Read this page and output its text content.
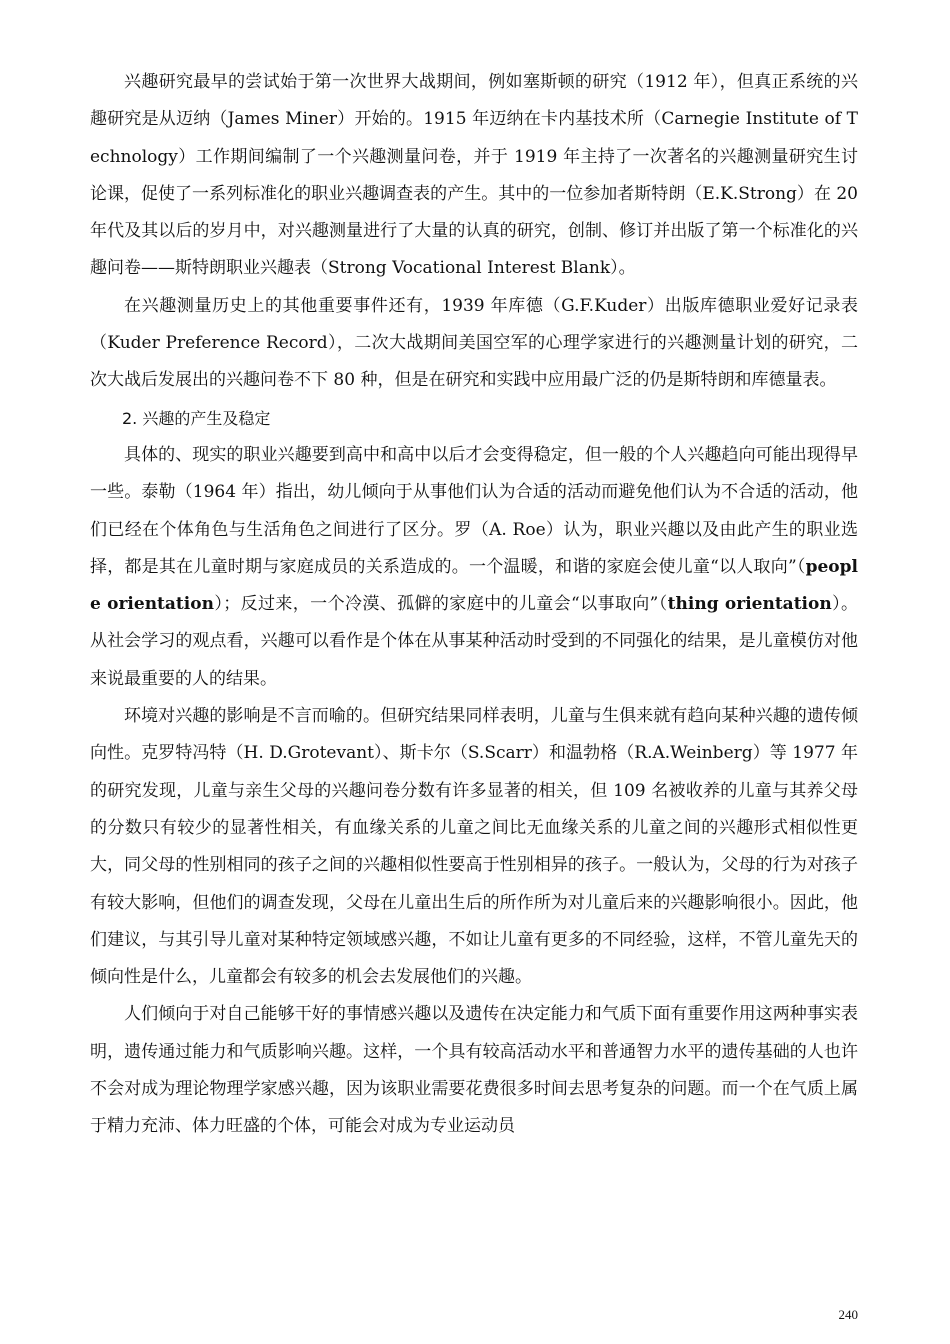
兴趣研究最早的尝试始于第一次世界大战期间，例如塞斯顿的研究（1912 年），但真正系统的兴趣研究是从迈纳（James Miner）开始的。1915 年迈纳在卡内基技术所（Carnegie Institute of Technology）工作期间编制了一个兴趣测量问卷，并于 1919 年主持了一次著名的兴趣测量研究生讨论课，促使了一系列标准化的职业兴趣调查表的产生。其中的一位参加者斯特朗（E.K.Strong）在 20 年代及其以后的岁月中，对兴趣测量进行了大量的认真的研究，创制、修订并出版了第一个标准化的兴趣问卷——斯特朗职业兴趣表（Strong Vocational Interest Blank）。

在兴趣测量历史上的其他重要事件还有，1939 年库德（G.F.Kuder）出版库德职业爱好记录表（Kuder Preference Record），二次大战期间美国空军的心理学家进行的兴趣测量计划的研究，二次大战后发展出的兴趣问卷不下 80 种，但是在研究和实践中应用最广泛的仍是斯特朗和库德量表。

2. 兴趣的产生及稳定

具体的、现实的职业兴趣要到高中和高中以后才会变得稳定，但一般的个人兴趣趋向可能出现得早一些。泰勒（1964 年）指出，幼儿倾向于从事他们认为合适的活动而避免他们认为不合适的活动，他们已经在个体角色与生活角色之间进行了区分。罗（A. Roe）认为，职业兴趣以及由此产生的职业选择，都是其在儿童时期与家庭成员的关系造成的。一个温暖，和谐的家庭会使儿童“以人取向”（people orientation）；反过来，一个冷漠、孤僻的家庭中的儿童会“以事取向”（thing orientation）。从社会学习的观点看，兴趣可以看作是个体在从事某种活动时受到的不同强化的结果，是儿童模仿对他来说最重要的人的结果。

环境对兴趣的影响是不言而喻的。但研究结果同样表明，儿童与生俱来就有趋向某种兴趣的遗传倾向性。克罗特冯特（H. D.Grotevant）、斯卡尔（S.Scarr）和温勃格（R.A.Weinberg）等 1977 年的研究发现，儿童与亲生父母的兴趣问卷分数有许多显著的相关，但 109 名被收养的儿童与其养父母的分数只有较少的显著性相关，有血缘关系的儿童之间比无血缘关系的儿童之间的兴趣形式相似性更大，同父母的性别相同的孩子之间的兴趣相似性要高于性别相异的孩子。一般认为，父母的行为对孩子有较大影响，但他们的调查发现，父母在儿童出生后的所作所为对儿童后来的兴趣影响很小。因此，他们建议，与其引导儿童对某种特定领域感兴趣，不如让儿童有更多的不同经验，这样，不管儿童先天的倾向性是什么，儿童都会有较多的机会去发展他们的兴趣。

人们倾向于对自己能够干好的事情感兴趣以及遗传在决定能力和气质下面有重要作用这两种事实表明，遗传通过能力和气质影响兴趣。这样，一个具有较高活动水平和普通智力水平的遗传基础的人也许不会对成为理论物理学家感兴趣，因为该职业需要花费很多时间去思考复杂的问题。而一个在气质上属于精力充沛、体力旺盛的个体，可能会对成为专业运动员

240
